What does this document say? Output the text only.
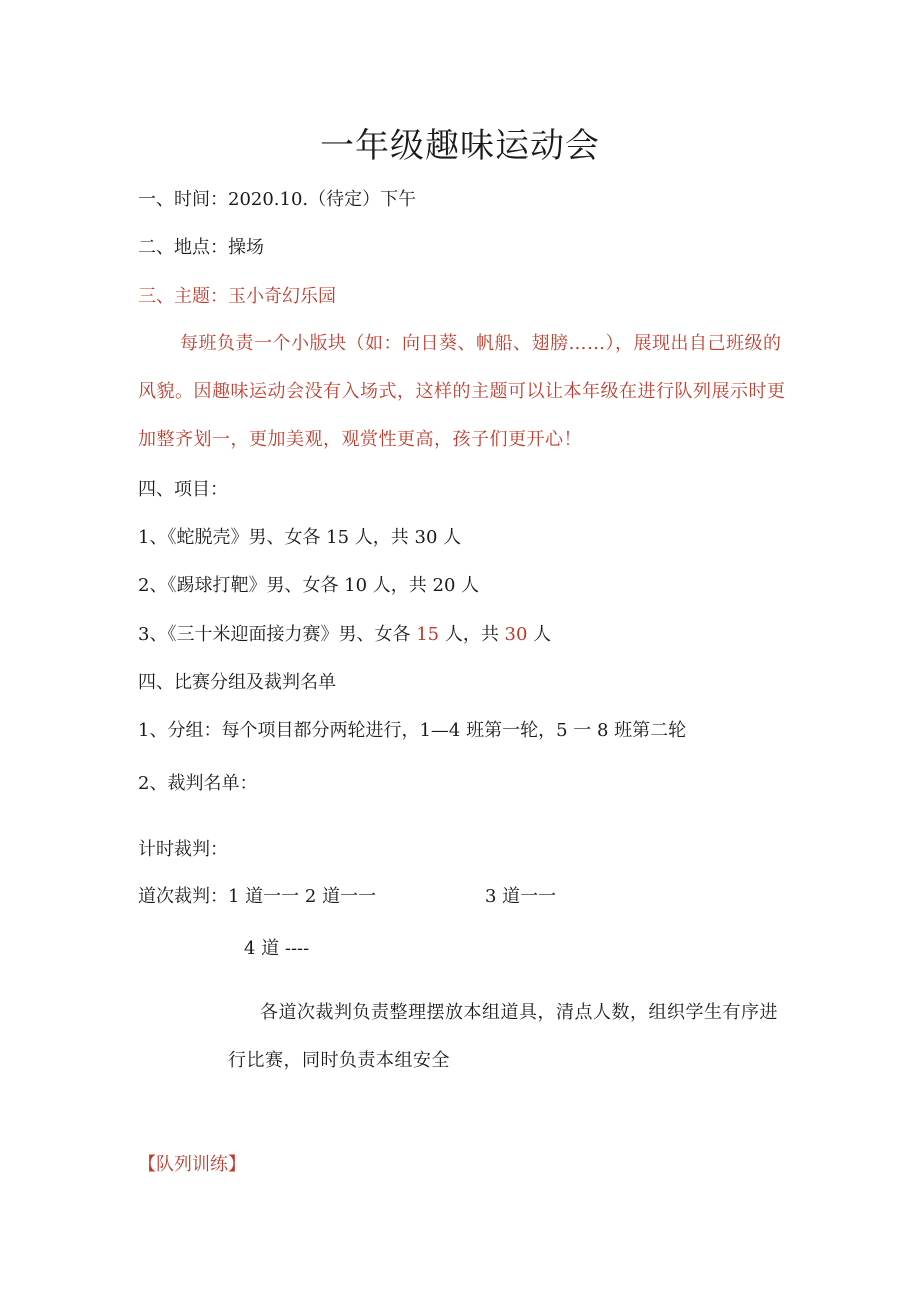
一年级趣味运动会
一、时间：2020.10.（待定）下午
二、地点：操场
三、主题：玉小奇幻乐园
每班负责一个小版块（如：向日葵、帆船、翅膀……），展现出自己班级的风貌。因趣味运动会没有入场式，这样的主题可以让本年级在进行队列展示时更加整齐划一，更加美观，观赏性更高，孩子们更开心！
四、项目：
1、《蛇脱壳》男、女各 15 人，共 30 人
2、《踢球打靶》男、女各 10 人，共 20 人
3、《三十米迎面接力赛》男、女各 15 人，共 30 人
四、比赛分组及裁判名单
1、分组：每个项目都分两轮进行，1—4 班第一轮，5 一 8 班第二轮
2、裁判名单：
计时裁判：
道次裁判：1 道一一 2 道一一	3 道一一
4 道 ----
各道次裁判负责整理摆放本组道具，清点人数，组织学生有序进行比赛，同时负责本组安全
【队列训练】
